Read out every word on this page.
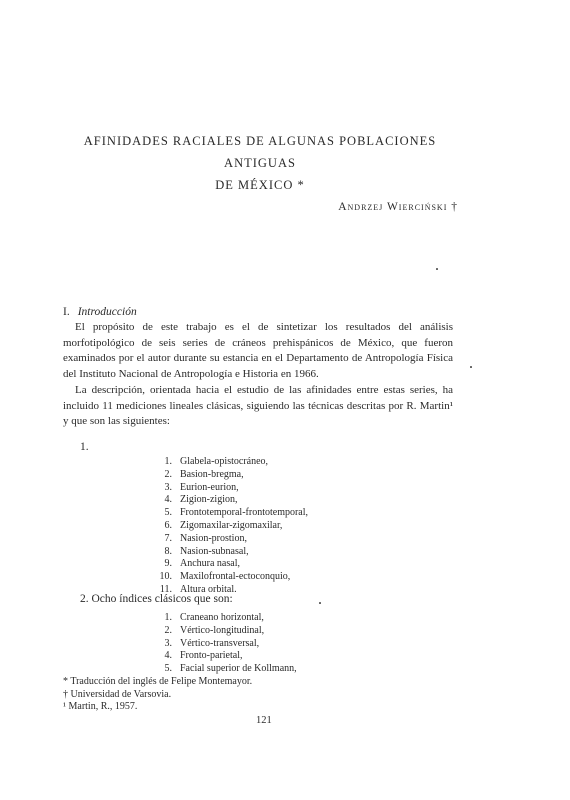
AFINIDADES RACIALES DE ALGUNAS POBLACIONES ANTIGUAS
DE MÉXICO *
Andrzej Wierciński †
I. Introducción
El propósito de este trabajo es el de sintetizar los resultados del análisis morfotipológico de seis series de cráneos prehispánicos de México, que fueron examinados por el autor durante su estancia en el Departamento de Antropología Física del Instituto Nacional de Antropología e Historia en 1966.
La descripción, orientada hacia el estudio de las afinidades entre estas series, ha incluido 11 mediciones lineales clásicas, siguiendo las técnicas descritas por R. Martin¹ y que son las siguientes:
1.
1. Glabela-opistocráneo,
2. Basion-bregma,
3. Eurion-eurion,
4. Zigion-zigion,
5. Frontotemporal-frontotemporal,
6. Zigomaxilar-zigomaxilar,
7. Nasion-prostion,
8. Nasion-subnasal,
9. Anchura nasal,
10. Maxilofrontal-ectoconquio,
11. Altura orbital.
2. Ocho índices clásicos que son:
1. Craneano horizontal,
2. Vértico-longitudinal,
3. Vértico-transversal,
4. Fronto-parietal,
5. Facial superior de Kollmann,
* Traducción del inglés de Felipe Montemayor.
† Universidad de Varsovia.
¹ Martin, R., 1957.
121
